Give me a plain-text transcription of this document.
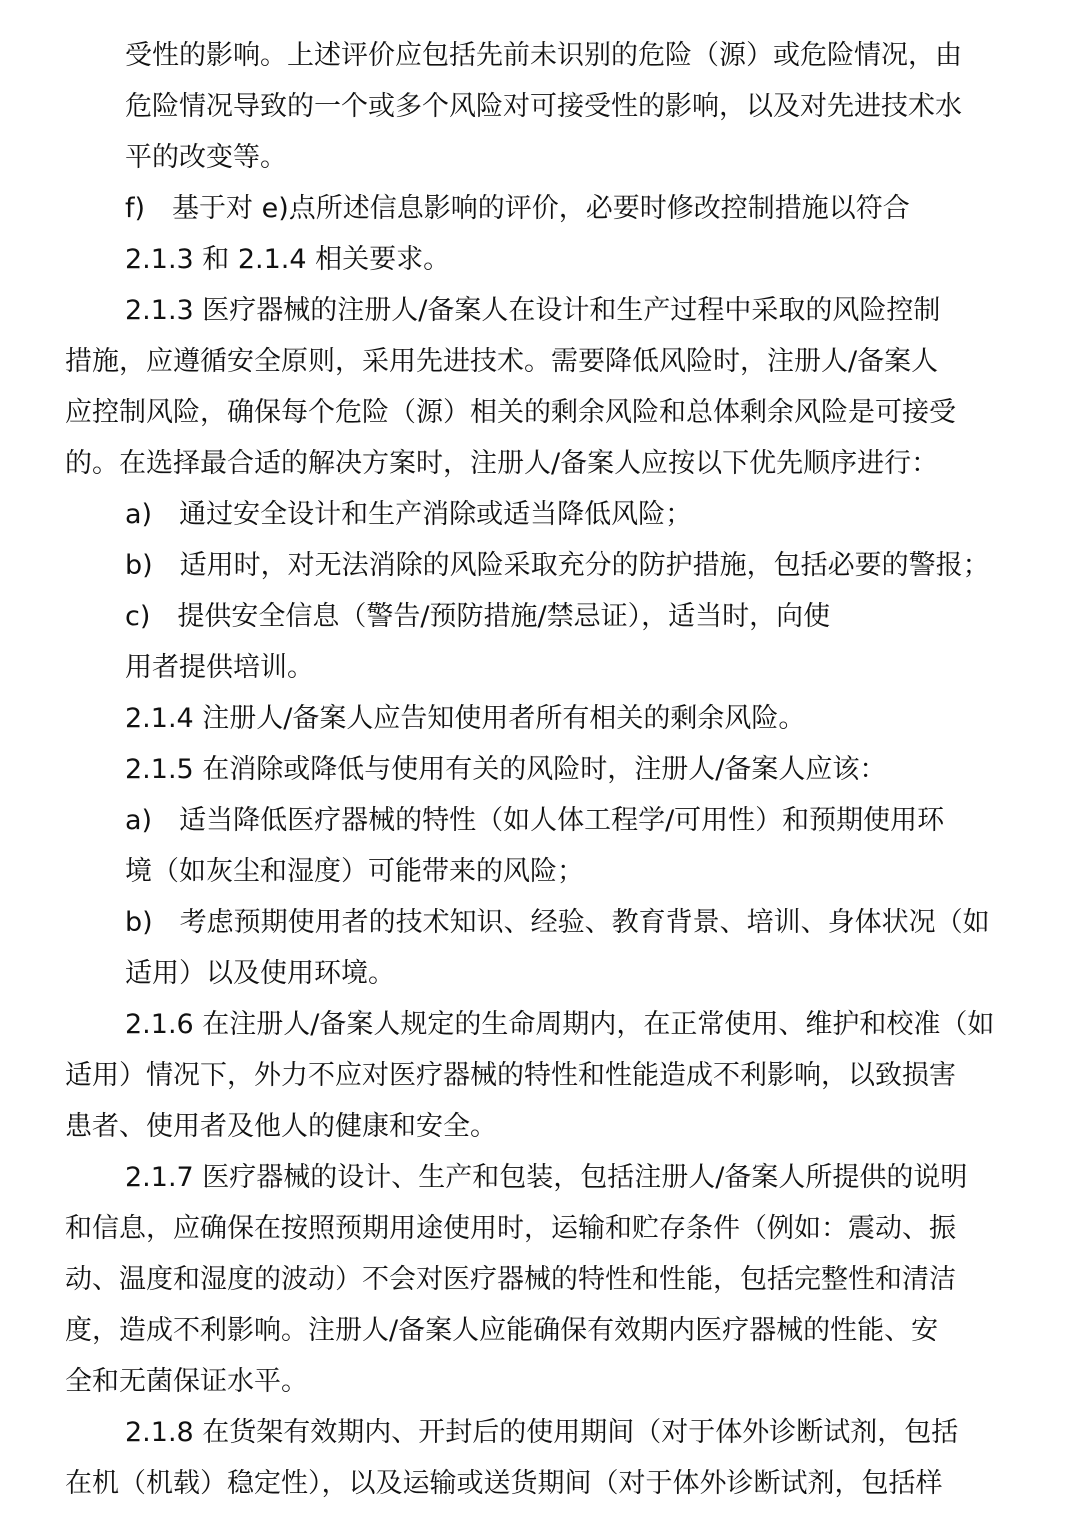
受性的影响。上述评价应包括先前未识别的危险（源）或危险情况，由
危险情况导致的一个或多个风险对可接受性的影响，以及对先进技术水
平的改变等。
f)　基于对 e)点所述信息影响的评价，必要时修改控制措施以符合
2.1.3 和 2.1.4 相关要求。
2.1.3 医疗器械的注册人/备案人在设计和生产过程中采取的风险控制
措施，应遵循安全原则，采用先进技术。需要降低风险时，注册人/备案人
应控制风险，确保每个危险（源）相关的剩余风险和总体剩余风险是可接受
的。在选择最合适的解决方案时，注册人/备案人应按以下优先顺序进行：
a)　通过安全设计和生产消除或适当降低风险；
b)　适用时，对无法消除的风险采取充分的防护措施，包括必要的警报；
c)　提供安全信息（警告/预防措施/禁忌证），适当时，向使
用者提供培训。
2.1.4 注册人/备案人应告知使用者所有相关的剩余风险。
2.1.5 在消除或降低与使用有关的风险时，注册人/备案人应该：
a)　适当降低医疗器械的特性（如人体工程学/可用性）和预期使用环
境（如灰尘和湿度）可能带来的风险；
b)　考虑预期使用者的技术知识、经验、教育背景、培训、身体状况（如
适用）以及使用环境。
2.1.6 在注册人/备案人规定的生命周期内，在正常使用、维护和校准（如
适用）情况下，外力不应对医疗器械的特性和性能造成不利影响，以致损害
患者、使用者及他人的健康和安全。
2.1.7 医疗器械的设计、生产和包装，包括注册人/备案人所提供的说明
和信息，应确保在按照预期用途使用时，运输和贮存条件（例如：震动、振
动、温度和湿度的波动）不会对医疗器械的特性和性能，包括完整性和清洁
度，造成不利影响。注册人/备案人应能确保有效期内医疗器械的性能、安
全和无菌保证水平。
2.1.8 在货架有效期内、开封后的使用期间（对于体外诊断试剂，包括
在机（机载）稳定性），以及运输或送货期间（对于体外诊断试剂，包括样
